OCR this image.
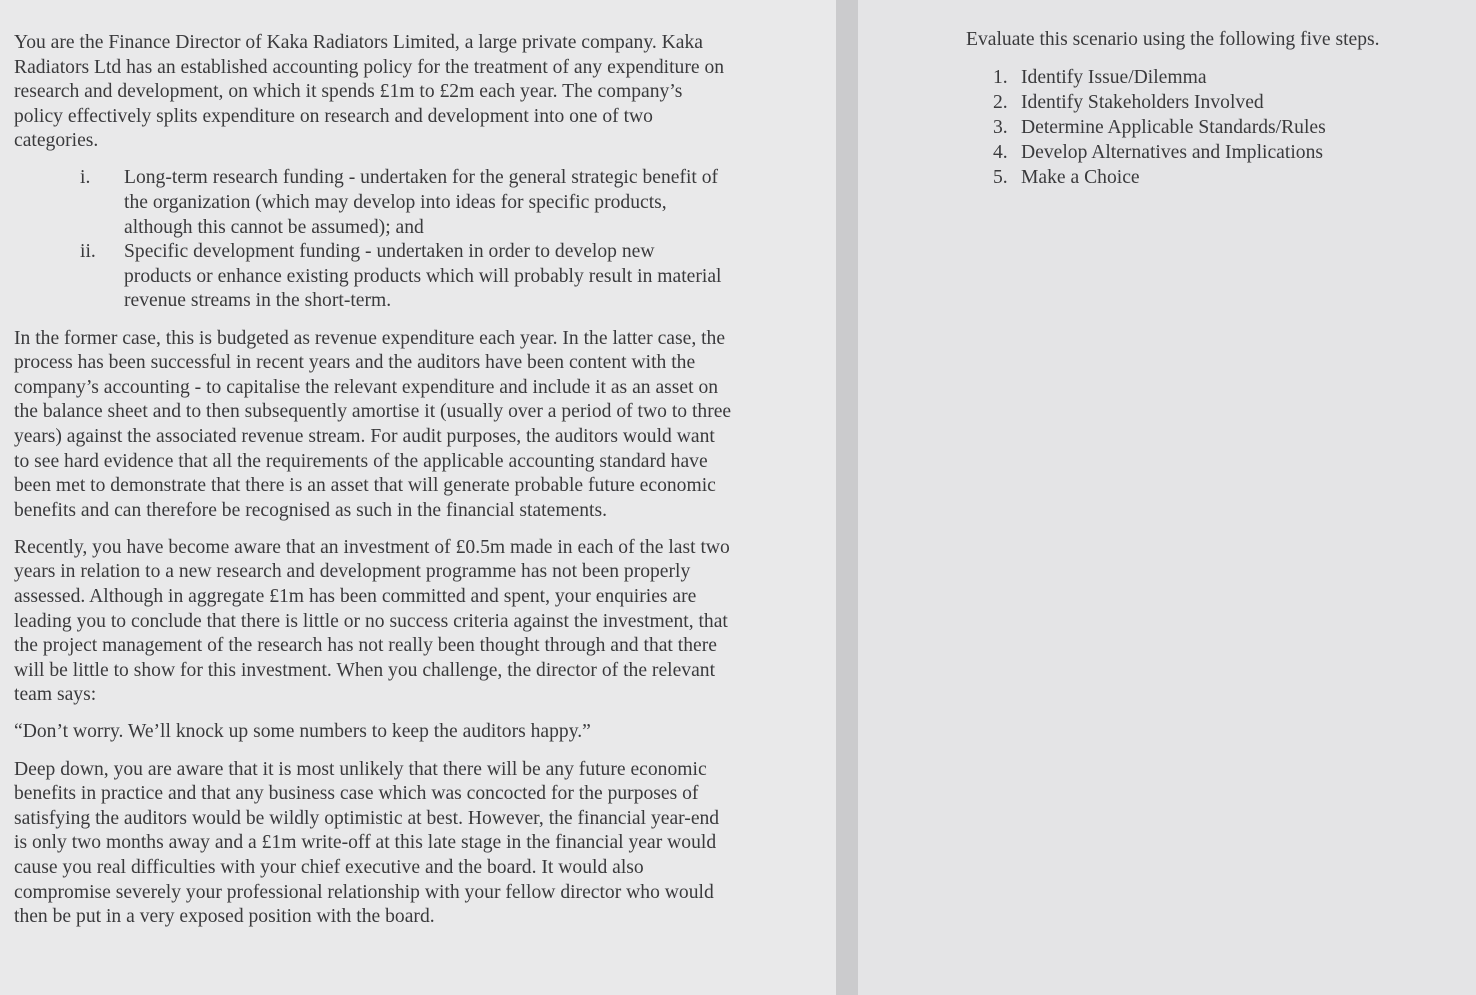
You are the Finance Director of Kaka Radiators Limited, a large private company. Kaka Radiators Ltd has an established accounting policy for the treatment of any expenditure on research and development, on which it spends £1m to £2m each year. The company’s policy effectively splits expenditure on research and development into one of two categories.

i. Long-term research funding - undertaken for the general strategic benefit of the organization (which may develop into ideas for specific products, although this cannot be assumed); and
ii. Specific development funding - undertaken in order to develop new products or enhance existing products which will probably result in material revenue streams in the short-term.

In the former case, this is budgeted as revenue expenditure each year. In the latter case, the process has been successful in recent years and the auditors have been content with the company’s accounting - to capitalise the relevant expenditure and include it as an asset on the balance sheet and to then subsequently amortise it (usually over a period of two to three years) against the associated revenue stream. For audit purposes, the auditors would want to see hard evidence that all the requirements of the applicable accounting standard have been met to demonstrate that there is an asset that will generate probable future economic benefits and can therefore be recognised as such in the financial statements.

Recently, you have become aware that an investment of £0.5m made in each of the last two years in relation to a new research and development programme has not been properly assessed. Although in aggregate £1m has been committed and spent, your enquiries are leading you to conclude that there is little or no success criteria against the investment, that the project management of the research has not really been thought through and that there will be little to show for this investment. When you challenge, the director of the relevant team says:

“Don’t worry. We’ll knock up some numbers to keep the auditors happy.”

Deep down, you are aware that it is most unlikely that there will be any future economic benefits in practice and that any business case which was concocted for the purposes of satisfying the auditors would be wildly optimistic at best. However, the financial year-end is only two months away and a £1m write-off at this late stage in the financial year would cause you real difficulties with your chief executive and the board. It would also compromise severely your professional relationship with your fellow director who would then be put in a very exposed position with the board.

Evaluate this scenario using the following five steps.

1. Identify Issue/Dilemma
2. Identify Stakeholders Involved
3. Determine Applicable Standards/Rules
4. Develop Alternatives and Implications
5. Make a Choice
